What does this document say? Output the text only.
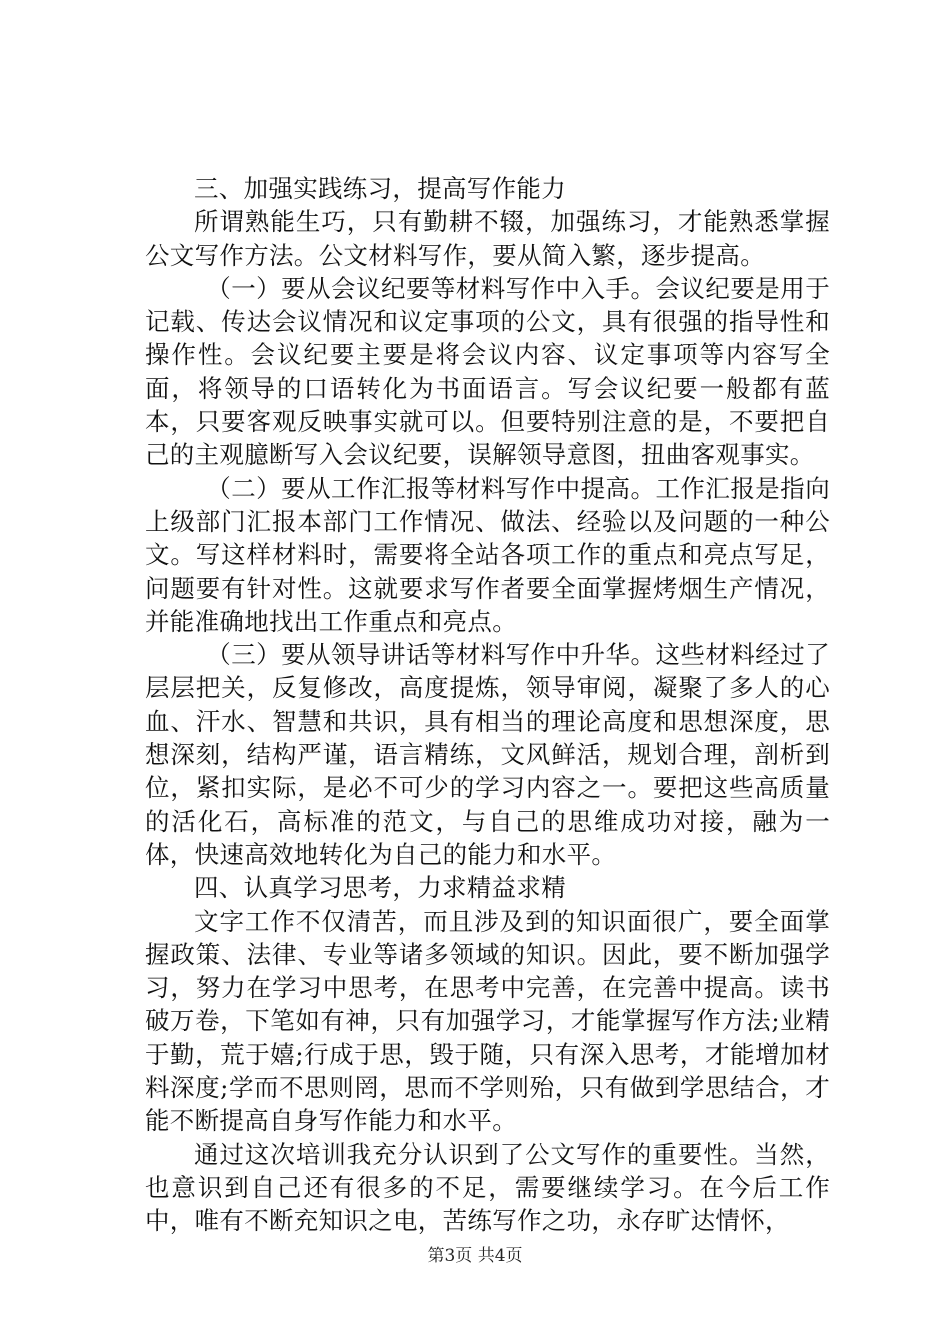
三、加强实践练习，提高写作能力

所谓熟能生巧，只有勤耕不辍，加强练习，才能熟悉掌握公文写作方法。公文材料写作，要从简入繁，逐步提高。

（一）要从会议纪要等材料写作中入手。会议纪要是用于记载、传达会议情况和议定事项的公文，具有很强的指导性和操作性。会议纪要主要是将会议内容、议定事项等内容写全面，将领导的口语转化为书面语言。写会议纪要一般都有蓝本，只要客观反映事实就可以。但要特别注意的是，不要把自己的主观臆断写入会议纪要，误解领导意图，扭曲客观事实。

（二）要从工作汇报等材料写作中提高。工作汇报是指向上级部门汇报本部门工作情况、做法、经验以及问题的一种公文。写这样材料时，需要将全站各项工作的重点和亮点写足，问题要有针对性。这就要求写作者要全面掌握烤烟生产情况，并能准确地找出工作重点和亮点。

（三）要从领导讲话等材料写作中升华。这些材料经过了层层把关，反复修改，高度提炼，领导审阅，凝聚了多人的心血、汗水、智慧和共识，具有相当的理论高度和思想深度，思想深刻，结构严谨，语言精练，文风鲜活，规划合理，剖析到位，紧扣实际，是必不可少的学习内容之一。要把这些高质量的活化石，高标准的范文，与自己的思维成功对接，融为一体，快速高效地转化为自己的能力和水平。

四、认真学习思考，力求精益求精

文字工作不仅清苦，而且涉及到的知识面很广，要全面掌握政策、法律、专业等诸多领域的知识。因此，要不断加强学习，努力在学习中思考，在思考中完善，在完善中提高。读书破万卷，下笔如有神，只有加强学习，才能掌握写作方法;业精于勤，荒于嬉;行成于思，毁于随，只有深入思考，才能增加材料深度;学而不思则罔，思而不学则殆，只有做到学思结合，才能不断提高自身写作能力和水平。

通过这次培训我充分认识到了公文写作的重要性。当然，也意识到自己还有很多的不足，需要继续学习。在今后工作中，唯有不断充知识之电，苦练写作之功，永存旷达情怀，

第3页 共4页
